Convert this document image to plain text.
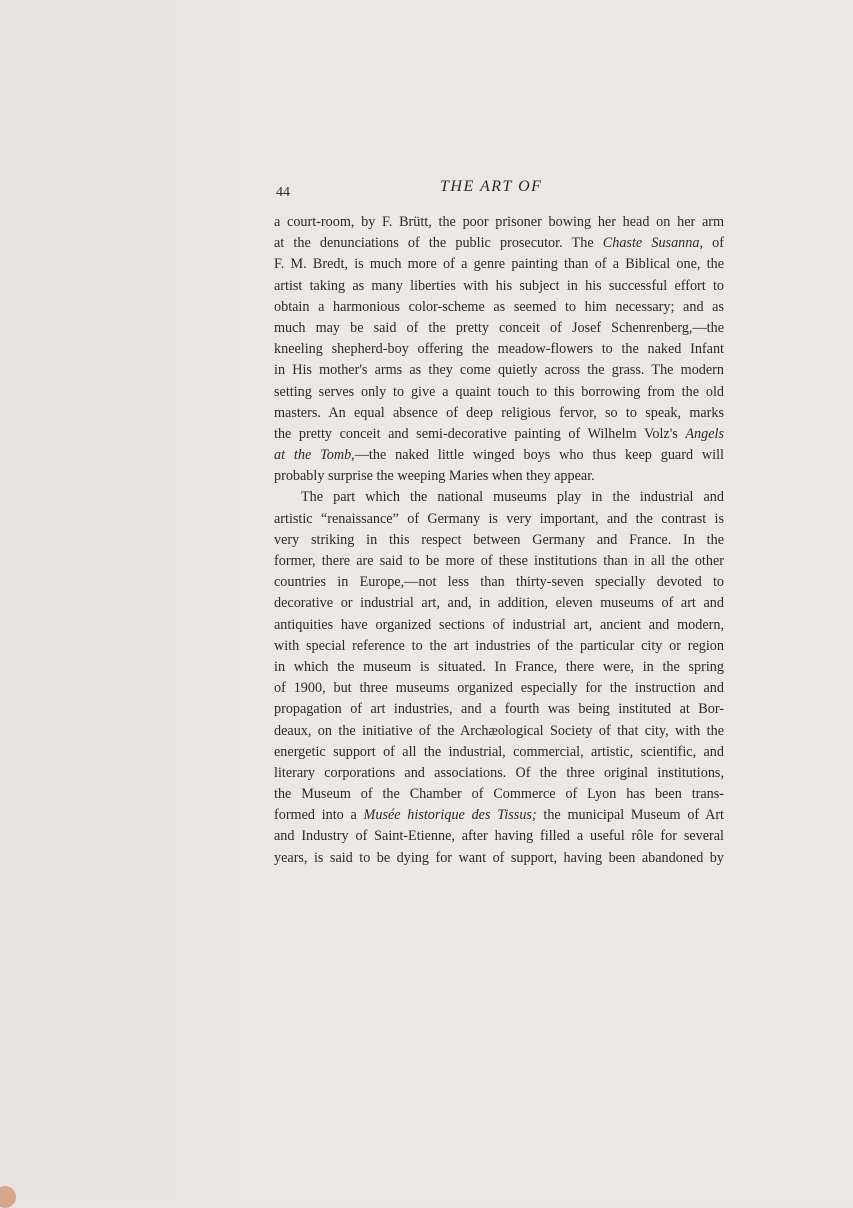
44	THE ART OF
a court-room, by F. Brütt, the poor prisoner bowing her head on her arm
at the denunciations of the public prosecutor. The Chaste Susanna, of
F. M. Bredt, is much more of a genre painting than of a Biblical one, the
artist taking as many liberties with his subject in his successful effort to
obtain a harmonious color-scheme as seemed to him necessary; and as
much may be said of the pretty conceit of Josef Schenrenberg,—the
kneeling shepherd-boy offering the meadow-flowers to the naked Infant
in His mother's arms as they come quietly across the grass. The modern
setting serves only to give a quaint touch to this borrowing from the old
masters. An equal absence of deep religious fervor, so to speak, marks
the pretty conceit and semi-decorative painting of Wilhelm Volz's Angels
at the Tomb,—the naked little winged boys who thus keep guard will
probably surprise the weeping Maries when they appear.
The part which the national museums play in the industrial and
artistic “renaissance” of Germany is very important, and the contrast is
very striking in this respect between Germany and France. In the
former, there are said to be more of these institutions than in all the other
countries in Europe,—not less than thirty-seven specially devoted to
decorative or industrial art, and, in addition, eleven museums of art and
antiquities have organized sections of industrial art, ancient and modern,
with special reference to the art industries of the particular city or region
in which the museum is situated. In France, there were, in the spring
of 1900, but three museums organized especially for the instruction and
propagation of art industries, and a fourth was being instituted at Bor-
deaux, on the initiative of the Archæological Society of that city, with the
energetic support of all the industrial, commercial, artistic, scientific, and
literary corporations and associations. Of the three original institutions,
the Museum of the Chamber of Commerce of Lyon has been trans-
formed into a Musée historique des Tissus; the municipal Museum of Art
and Industry of Saint-Etienne, after having filled a useful rôle for several
years, is said to be dying for want of support, having been abandoned by
